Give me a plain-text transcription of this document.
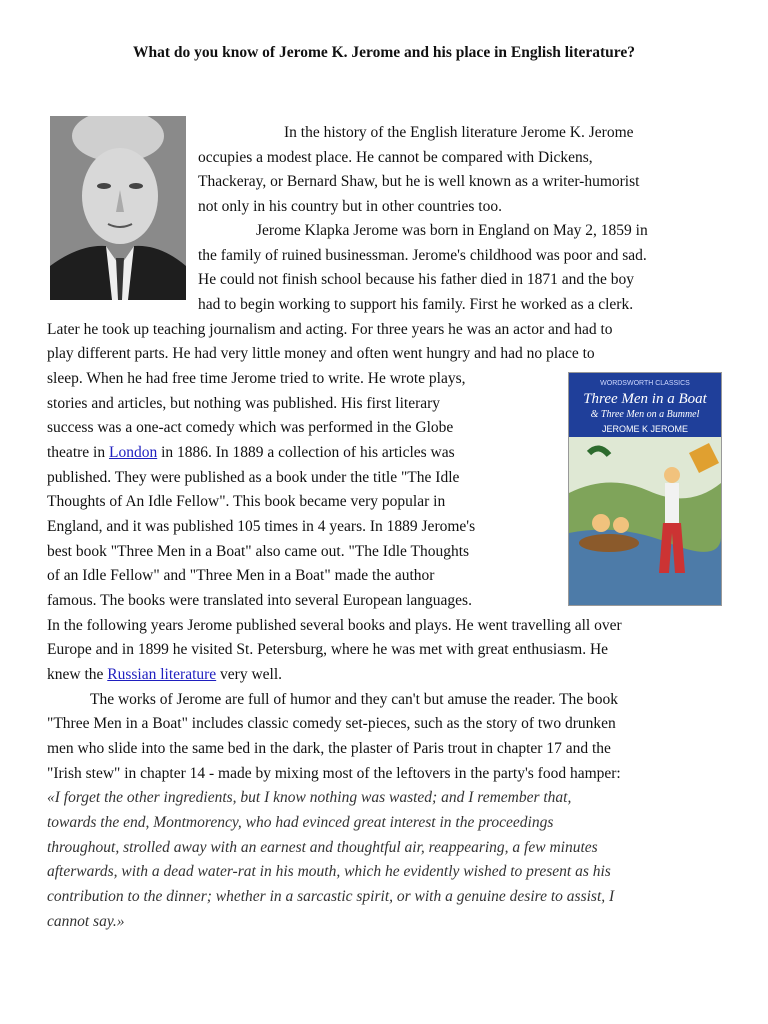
What do you know of Jerome K. Jerome and his place in English literature?
WORDSWORTH CLASSICS
Three Men in a Boat
& Three Men on a Bummel
JEROME K JEROME

In the history of the English literature Jerome K. Jerome

occupies a modest place. He cannot be compared with Dickens,

Thackeray, or Bernard Shaw, but he is well known as a writer-humorist

not only in his country but in other countries too.

Jerome Klapka Jerome was born in England on May 2, 1859 in

the family of ruined businessman. Jerome's childhood was poor and sad.

He could not finish school because his father died in 1871 and the boy

had to begin working to support his family. First he worked as a clerk.

Later he took up teaching journalism and acting. For three years he was an actor and had to

play different parts. He had very little money and often went hungry and had no place to

sleep. When he had free time Jerome tried to write. He wrote plays,

stories and articles, but nothing was published. His first literary

success was a one-act comedy which was performed in the Globe

theatre in London in 1886. In 1889 a collection of his articles was

published. They were published as a book under the title "The Idle

Thoughts of An Idle Fellow". This book became very popular in

England, and it was published 105 times in 4 years. In 1889 Jerome's

best book "Three Men in a Boat" also came out. "The Idle Thoughts

of an Idle Fellow" and "Three Men in a Boat" made the author

famous. The books were translated into several European languages.

In the following years Jerome published several books and plays. He went travelling all over

Europe and in 1899 he visited St. Petersburg, where he was met with great enthusiasm. He

knew the Russian literature very well.

The works of Jerome are full of humor and they can't but amuse the reader. The book

"Three Men in a Boat" includes classic comedy set-pieces, such as the story of two drunken

men who slide into the same bed in the dark, the plaster of Paris trout in chapter 17 and the

"Irish stew" in chapter 14 - made by mixing most of the leftovers in the party's food hamper:

«I forget the other ingredients, but I know nothing was wasted; and I remember that,

towards the end, Montmorency, who had evinced great interest in the proceedings

throughout, strolled away with an earnest and thoughtful air, reappearing, a few minutes

afterwards, with a dead water-rat in his mouth, which he evidently wished to present as his

contribution to the dinner; whether in a sarcastic spirit, or with a genuine desire to assist, I

cannot say.»
